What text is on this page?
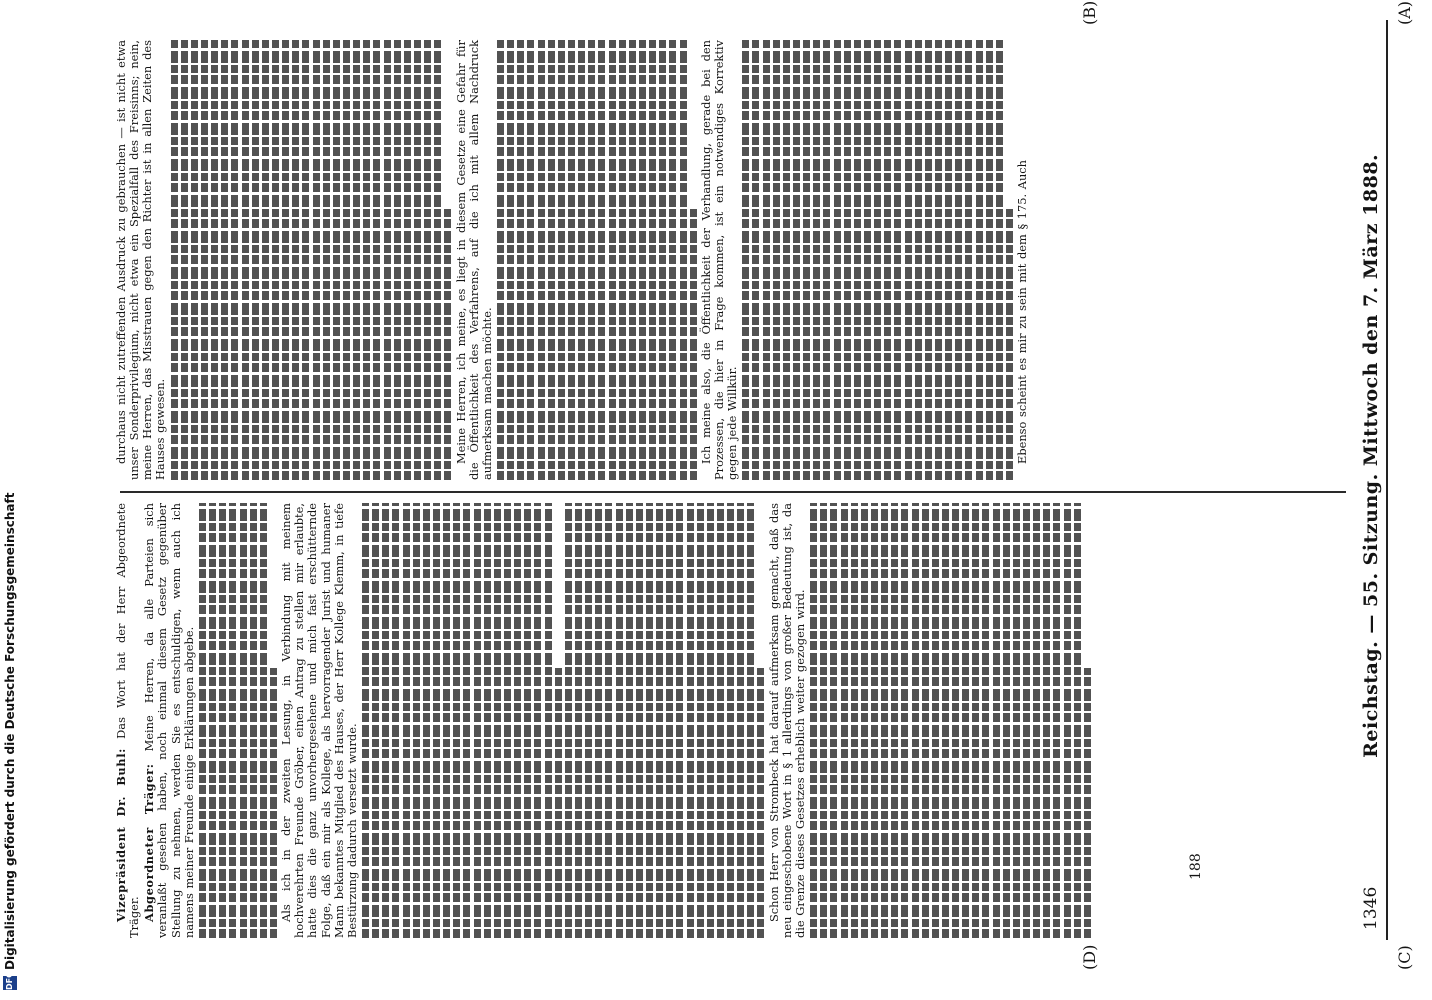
1346
Reichstag. — 55. Sitzung. Mittwoch den 7. März 1888.
(A)
(B)
(C)
(D)

Vizepräsident Dr. Buhl: Das Wort hat der Herr Abgeordnete Träger. Abgeordneter Träger: Meine Herren, da alle Parteien sich veranlaßt gesehen haben, noch einmal diesem Gesetz gegenüber Stellung zu nehmen, werden Sie es entschuldigen, wenn auch ich namens meiner Freunde einige Erklärungen abgebe.	Als ich in der zweiten Lesung, in Verbindung mit meinem hochverehrten Freunde Gröber, einen Antrag zu stellen mir erlaubte, hatte dies die ganz unvorhergesehene und mich fast erschütternde Folge, daß ein mir als Kollege, als hervorragender Jurist und humaner Mann bekanntes Mitglied des Hauses, der Herr Kollege Klemm, in tiefe Bestürzung dadurch versetzt wurde.	Schon Herr von Strombeck hat darauf aufmerksam gemacht, daß das neu eingeschobene Wort in § 1 allerdings von großer Bedeutung ist, da die Grenze dieses Gesetzes erheblich weiter gezogen wird.

durchaus nicht zutreffenden Ausdruck zu gebrauchen — ist nicht etwa unser Sonderprivilegium, nicht etwa ein Spezialfall des Freisinns; nein, meine Herren, das Misstrauen gegen den Richter ist in allen Zeiten des Hauses gewesen.	Meine Herren, ich meine, es liegt in diesem Gesetze eine Gefahr für die Öffentlichkeit des Verfahrens, auf die ich mit allem Nachdruck aufmerksam machen möchte.	Ich meine also, die Öffentlichkeit der Verhandlung, gerade bei den Prozessen, die hier in Frage kommen, ist ein notwendiges Korrektiv gegen jede Willkür.	Ebenso scheint es mir zu sein mit dem § 175. Auch

188
DFG
Digitalisierung gefördert durch die Deutsche Forschungsgemeinschaft
